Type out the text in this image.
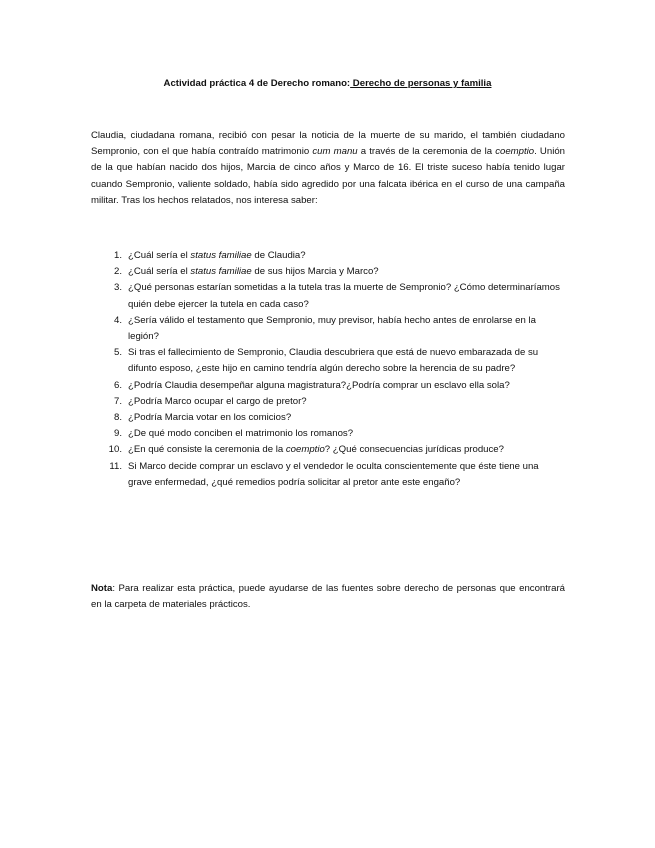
Actividad práctica 4 de Derecho romano: Derecho de personas y familia
Claudia, ciudadana romana, recibió con pesar la noticia de la muerte de su marido, el también ciudadano Sempronio, con el que había contraído matrimonio cum manu a través de la ceremonia de la coemptio. Unión de la que habían nacido dos hijos, Marcia de cinco años y Marco de 16. El triste suceso había tenido lugar cuando Sempronio, valiente soldado, había sido agredido por una falcata ibérica en el curso de una campaña militar. Tras los hechos relatados, nos interesa saber:
1. ¿Cuál sería el status familiae de Claudia?
2. ¿Cuál sería el status familiae de sus hijos Marcia y Marco?
3. ¿Qué personas estarían sometidas a la tutela tras la muerte de Sempronio? ¿Cómo determinaríamos quién debe ejercer la tutela en cada caso?
4. ¿Sería válido el testamento que Sempronio, muy previsor, había hecho antes de enrolarse en la legión?
5. Si tras el fallecimiento de Sempronio, Claudia descubriera que está de nuevo embarazada de su difunto esposo, ¿este hijo en camino tendría algún derecho sobre la herencia de su padre?
6. ¿Podría Claudia desempeñar alguna magistratura?¿Podría comprar un esclavo ella sola?
7. ¿Podría Marco ocupar el cargo de pretor?
8. ¿Podría Marcia votar en los comicios?
9. ¿De qué modo conciben el matrimonio los romanos?
10. ¿En qué consiste la ceremonia de la coemptio? ¿Qué consecuencias jurídicas produce?
11. Si Marco decide comprar un esclavo y el vendedor le oculta conscientemente que éste tiene una grave enfermedad, ¿qué remedios podría solicitar al pretor ante este engaño?
Nota: Para realizar esta práctica, puede ayudarse de las fuentes sobre derecho de personas que encontrará en la carpeta de materiales prácticos.
